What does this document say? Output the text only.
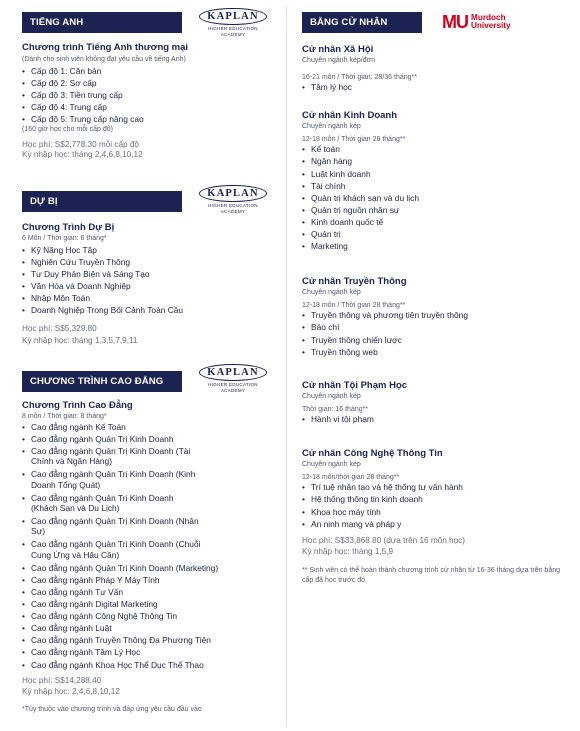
TIẾNG ANH
KAPLAN
HIGHER EDUCATION
ACADEMY
Chương trình Tiếng Anh thương mại
(Dành cho sinh viên không đạt yêu cầu về tiếng Anh)
• Cấp độ 1: Căn bản
• Cấp độ 2: Sơ cấp
• Cấp độ 3: Tiền trung cấp
• Cấp độ 4: Trung cấp
• Cấp độ 5: Trung cấp nâng cao
(160 giờ học cho mỗi cấp độ)
Học phí: S$2,778.30 mỗi cấp độ
Kỳ nhập học: tháng 2,4,6,8,10,12
DỰ BỊ
KAPLAN
HIGHER EDUCATION
ACADEMY
Chương Trình Dự Bị
6 Môn / Thời gian: 6 tháng*
• Kỹ Năng Học Tập
• Nghiên Cứu Truyền Thông
• Tư Duy Phản Biện và Sáng Tạo
• Văn Hóa và Doanh Nghiệp
• Nhập Môn Toán
• Doanh Nghiệp Trong Bối Cảnh Toàn Cầu
Học phí: S$5,329.80
Kỳ nhập học: tháng 1,3,5,7,9,11
CHƯƠNG TRÌNH CAO ĐẲNG
KAPLAN
HIGHER EDUCATION
ACADEMY
Chương Trình Cao Đẳng
8 môn / Thời gian: 8 tháng*
• Cao đẳng ngành Kế Toán
• Cao đẳng ngành Quản Trị Kinh Doanh
• Cao đẳng ngành Quản Trị Kinh Doanh (Tài Chính và Ngân Hàng)
• Cao đẳng ngành Quản Trị Kinh Doanh (Kinh Doanh Tổng Quát)
• Cao đẳng ngành Quản Trị Kinh Doanh (Khách Sạn và Du Lịch)
• Cao đẳng ngành Quản Trị Kinh Doanh (Nhân Sự)
• Cao đẳng ngành Quản Trị Kinh Doanh (Chuỗi Cung Ứng và Hậu Cần)
• Cao đẳng ngành Quản Trị Kinh Doanh (Marketing)
• Cao đẳng ngành Pháp Y Máy Tính
• Cao đẳng ngành Tư Vấn
• Cao đẳng ngành Digital Marketing
• Cao đẳng ngành Công Nghệ Thông Tin
• Cao đẳng ngành Luật
• Cao đẳng ngành Truyền Thông Đa Phương Tiện
• Cao đẳng ngành Tâm Lý Học
• Cao đẳng ngành Khoa Học Thể Dục Thể Thao
Học phí: S$14,288.40
Kỳ nhập học: 2,4,6,8,10,12
*Tùy thuộc vào chương trình và đáp ứng yêu cầu đầu vào
BẰNG CỬ NHÂN	MU Murdoch
University
Cử nhân Xã Hội
Chuyên ngành kép/đơn
16-21 môn / Thời gian: 28/36 tháng**
• Tâm lý học
Cử nhân Kinh Doanh
Chuyên ngành kép
12-18 môn / Thời gian 28 tháng**
• Kế toán
• Ngân hàng
• Luật kinh doanh
• Tài chính
• Quản trị khách sạn và du lịch
• Quản trị nguồn nhân sự
• Kinh doanh quốc tế
• Quản trị
• Marketing
Cử nhân Truyền Thông
Chuyên ngành kép
12-18 môn / Thời gian 28 tháng**
• Truyền thông và phương tiện truyền thông
• Báo chí
• Truyền thông chiến lược
• Truyền thông web
Cử nhân Tội Phạm Học
Chuyên ngành kép
Thời gian: 16 tháng**
• Hành vi tội phạm
Cử nhân Công Nghệ Thông Tin
Chuyên ngành kép
12-18 môn/thời gian 28 tháng**
• Trí tuệ nhân tạo và hệ thống tư vấn hành
• Hệ thống thông tin kinh doanh
• Khoa học máy tính
• An ninh mạng và pháp y
Học phí: S$33,868.80 (dựa trên 16 môn học)
Kỳ nhập học: tháng 1,5,9
** Sinh viên có thể hoàn thành chương trình cử nhân từ 16-36 tháng dựa trên bằng cấp đã học trước đó.
